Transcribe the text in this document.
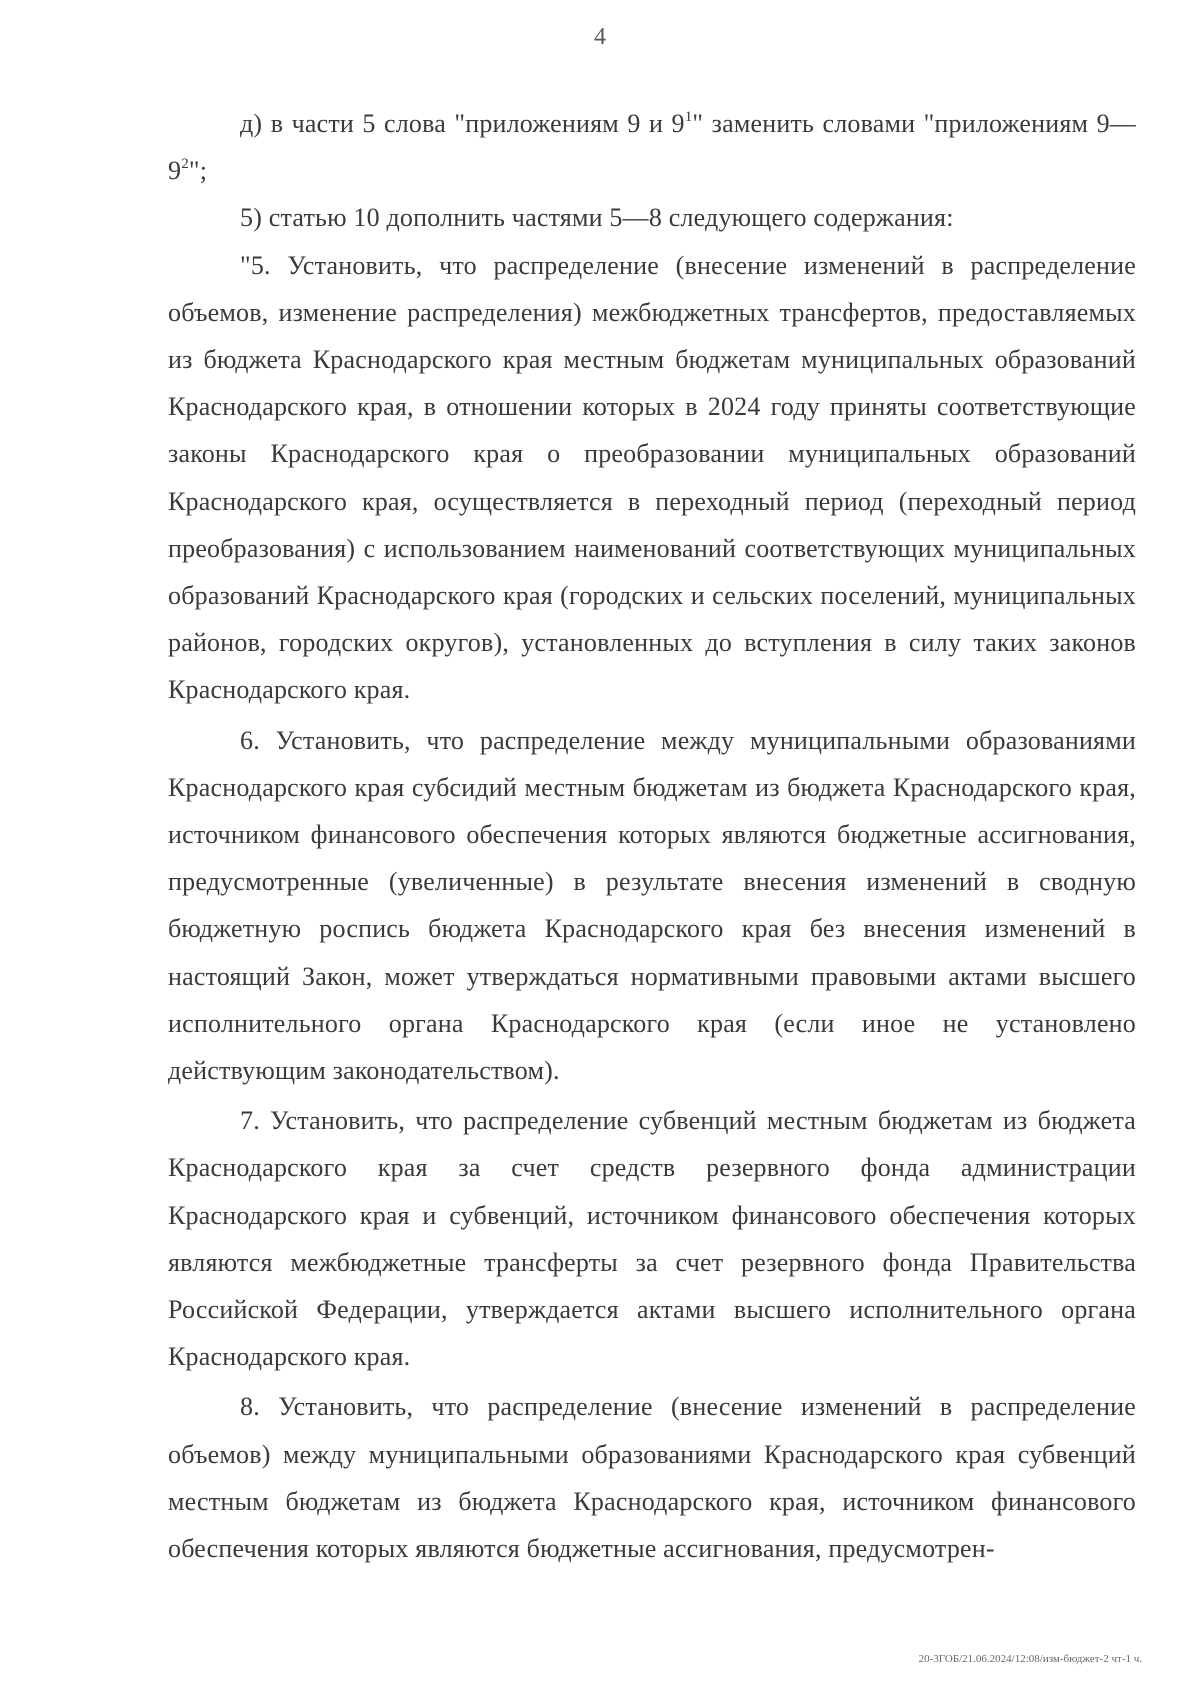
4

д) в части 5 слова "приложениям 9 и $9^1$" заменить словами "приложениям $9—9^2$";

5) статью 10 дополнить частями 5—8 следующего содержания:

"5. Установить, что распределение (внесение изменений в распределение объемов, изменение распределения) межбюджетных трансфертов, предоставляемых из бюджета Краснодарского края местным бюджетам муниципальных образований Краснодарского края, в отношении которых в 2024 году приняты соответствующие законы Краснодарского края о преобразовании муниципальных образований Краснодарского края, осуществляется в переходный период (переходный период преобразования) с использованием наименований соответствующих муниципальных образований Краснодарского края (городских и сельских поселений, муниципальных районов, городских округов), установленных до вступления в силу таких законов Краснодарского края.

6. Установить, что распределение между муниципальными образованиями Краснодарского края субсидий местным бюджетам из бюджета Краснодарского края, источником финансового обеспечения которых являются бюджетные ассигнования, предусмотренные (увеличенные) в результате внесения изменений в сводную бюджетную роспись бюджета Краснодарского края без внесения изменений в настоящий Закон, может утверждаться нормативными правовыми актами высшего исполнительного органа Краснодарского края (если иное не установлено действующим законодательством).

7. Установить, что распределение субвенций местным бюджетам из бюджета Краснодарского края за счет средств резервного фонда администрации Краснодарского края и субвенций, источником финансового обеспечения которых являются межбюджетные трансферты за счет резервного фонда Правительства Российской Федерации, утверждается актами высшего исполнительного органа Краснодарского края.

8. Установить, что распределение (внесение изменений в распределение объемов) между муниципальными образованиями Краснодарского края субвенций местным бюджетам из бюджета Краснодарского края, источником финансового обеспечения которых являются бюджетные ассигнования, предусмотрен-

20-3ГОБ/21.06.2024/12:08/изм-бюджет-2 чт-1 ч.
